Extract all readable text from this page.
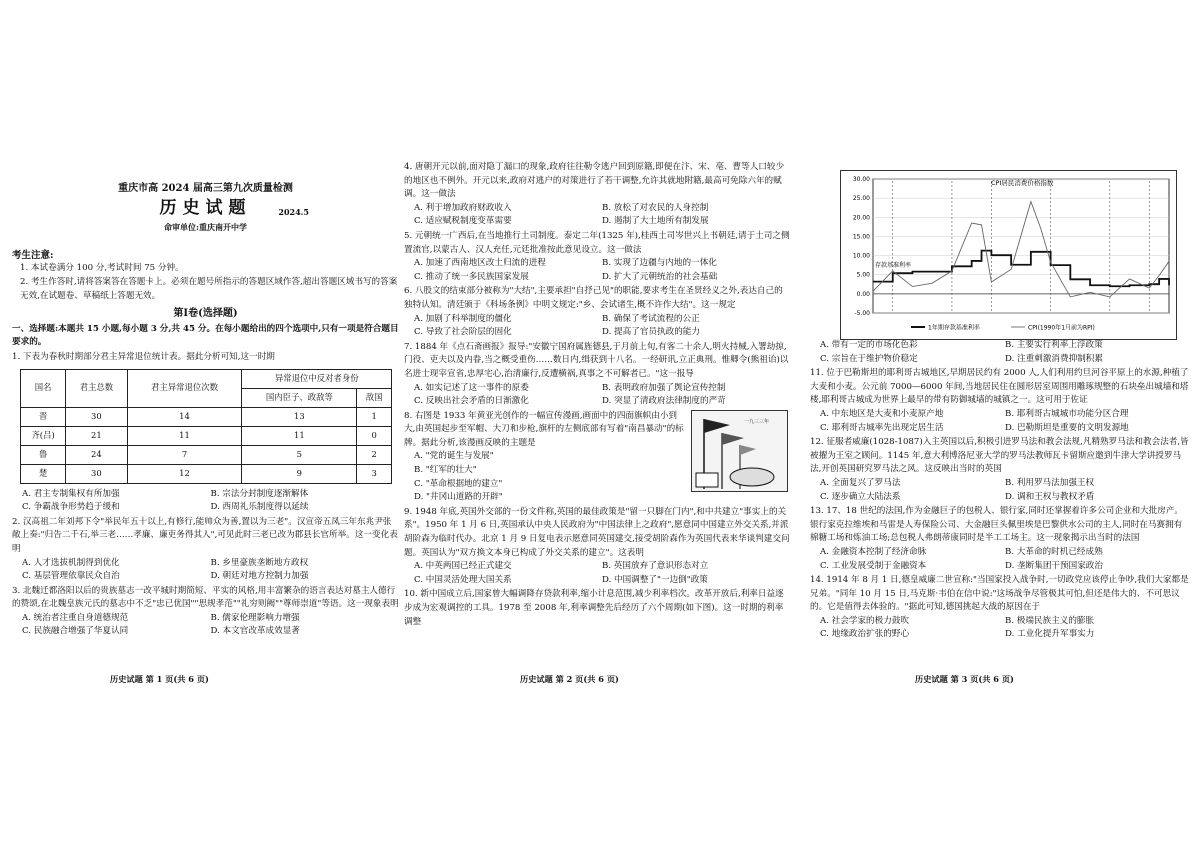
重庆市高 2024 届高三第九次质量检测
历史试题	2024.5
命审单位:重庆南开中学
考生注意:
1. 本试卷满分 100 分,考试时间 75 分钟。
2. 考生作答时,请将答案答在答题卡上。必须在题号所指示的答题区域作答,超出答题区域书写的答案无效,在试题卷、草稿纸上答题无效。
第Ⅰ卷(选择题)
一、选择题:本题共 15 小题,每小题 3 分,共 45 分。在每小题给出的四个选项中,只有一项是符合题目要求的。
1. 下表为春秋时期部分君主异常退位统计表。据此分析可知,这一时期
国名	君主总数	君主异常退位次数	异常退位中反对者身份	
			国内臣子、政敌等	敌国
晋	30	14	13	1
齐(吕)	21	11	11	0
鲁	24	7	5	2
楚	30	12	9	3
A. 君主专制集权有所加强	B. 宗法分封制度逐渐解体
C. 争霸战争形势趋于缓和	D. 西周礼乐制度得以延续
2. 汉高祖二年刘邦下令"举民年五十以上,有修行,能帅众为善,置以为三老"。汉宣帝五凤三年东兆尹张敞上奏:"归告二千石,举三老……孝廉、廉吏务得其人",可见此时三老已改为郡县长官所举。这一变化表明
A. 人才选拔机制得到优化	B. 乡里豪族垄断地方政权
C. 基层管理依靠民众自治	D. 朝廷对地方控制力加强
3. 北魏迁都洛阳以后的贵族墓志一改平城时期简短、平实的风格,用丰富繁杂的语言表达对墓主人德行的赞颂,在北魏皇族元氏的墓志中不乏"忠已优国""思规孝范""礼穷则阙""尊师崇道"等语。这一现象表明
A. 统治者注重自身道德规范	B. 儒家伦理影响力增强
C. 民族融合增强了华夏认同	D. 本文官改革成效显著
4. 唐朝开元以前,面对隐丁漏口的现象,政府往往勒令逃户回到原籍,即便在汴、宋、亳、曹等人口较少的地区也不例外。开元以来,政府对逃户的对策进行了若干调整,允许其就地附籍,最高可免除六年的赋调。这一做法
A. 利于增加政府财政收入	B. 放松了对农民的人身控制
C. 适应赋税制度变革需要	D. 遏制了大土地所有制发展
5. 元朝统一广西后,在当地推行土司制度。泰定二年(1325 年),桂西土司岑世兴上书朝廷,请于土司之侧置流官,以蒙古人、汉人充任,元廷批准按此意见设立。这一做法
A. 加速了西南地区改土归流的进程	B. 实现了边疆与内地的一体化
C. 推动了统一多民族国家发展	D. 扩大了元朝统治的社会基础
6. 八股文的结束部分被称为"大结",主要承担"自抒己见"的职能,要求考生在圣贤经义之外,表达自己的独特认知。清廷颁于《科场条例》中明文规定:"乡、会试诸生,概不许作大结"。这一规定
A. 加剧了科举制度的僵化	B. 确保了考试流程的公正
C. 导致了社会阶层的固化	D. 提高了官员执政的能力
7. 1884 年《点石斋画报》报导:"安徽宁国府属旌德县,于月前上旬,有客二十余人,明火持械,入署劫掠,门役、吏夫以及内眷,当之概受重伤……数日内,缉获到十八名。一经研讯,立正典刑。惟卿令(熊祖诒)以名进士现宰宣省,忠厚宅心,治清廉行,反遭横祸,真事之不可解者已。"这一报导
A. 如实记述了这一事件的原委	B. 表明政府加强了舆论宣传控制
C. 反映出社会矛盾的日渐激化	D. 突显了清政府法律制度的严苛
一九三三年
8. 右图是 1933 年黄亚光创作的一幅宣传漫画,画面中的四面旗帜由小到大,由英国起步至军帽、大刀和步枪,旗杆的左侧底部有写着"南昌暴动"的标牌。据此分析,该漫画反映的主题是
A. "党的诞生与发展"
B. "红军的壮大"
C. "革命根据地的建立"
D. "井冈山道路的开辟"
9. 1948 年底,英国外交部的一份文件称,英国的最佳政策是"留一只脚在门内",和中共建立"事实上的关系"。1950 年 1 月 6 日,英国承认中央人民政府为"中国法律上之政府",愿意同中国建立外交关系,并派胡阶森为临时代办。北京 1 月 9 日复电表示愿意同英国建交,接受胡阶森作为英国代表来华谈判建交问题。英国认为"双方换文本身已构成了外交关系的建立"。这表明
A. 中英两国已经正式建交	B. 英国放弃了意识形态对立
C. 中国灵活处理大国关系	D. 中国调整了"一边倒"政策
10. 新中国成立后,国家曾大幅调降存贷款利率,缩小计息范围,减少利率档次。改革开放后,利率日益逐步成为宏观调控的工具。1978 至 2008 年,利率调整先后经历了六个周期(如下图)。这一时期的利率调整
30.00
25.00
20.00
15.00
10.00
5.00
0.00
-5.00
CPI居民消费价格指数
存款基准利率
1年期存款基准利率	CPI(1990年1月前为RPI)
A. 带有一定的市场化色彩	B. 主要实行利率上浮政策
C. 宗旨在于维护物价稳定	D. 注重刺激消费抑制积累
11. 位于巴勒斯坦的耶利哥古城地区,早期居民约有 2000 人,人们利用约旦河谷平原上的水源,种植了大麦和小麦。公元前 7000—6000 年间,当地居民住在圆形居室周围用雕琢规整的石块垒出城墙和塔楼,耶利哥古城成为世界上最早的带有防御城墙的城镇之一。这可用于佐证
A. 中东地区是大麦和小麦原产地	B. 耶利哥古城城市功能分区合理
C. 耶利哥古城率先出现定居生活	D. 巴勒斯坦是重要的文明发源地
12. 征服者威廉(1028-1087)入主英国以后,积极引进罗马法和教会法规,凡精熟罗马法和教会法者,皆被擢为王室之顾问。1145 年,意大利博洛尼亚大学的罗马法教师瓦卡留斯应邀到牛津大学讲授罗马法,开创英国研究罗马法之风。这反映出当时的英国
A. 全面复兴了罗马法	B. 利用罗马法加强王权
C. 逐步确立大陆法系	D. 调和王权与教权矛盾
13. 17、18 世纪的法国,作为金融巨子的包税人、银行家,同时还掌握着许多公司企业和大批房产。银行家克拉维埃和马雷是人寿保险公司、大金融巨头佩里埃是巴黎供水公司的主人,同时在马赛拥有棉糖工场和炼油工场;总包税人弗朗蒂康同时是半工工场主。这一现象揭示出当时的法国
A. 金融资本控制了经济命脉	B. 大革命的时机已经成熟
C. 工业发展受制于金融资本	D. 垄断集团干预国家政治
14. 1914 年 8 月 1 日,德皇威廉二世宣称:"当国家投入战争时,一切政党应该停止争吵,我们大家都是兄弟。"同年 10 月 15 日,马克斯·韦伯在信中说:"这场战争尽管极其可怕,但还是伟大的、不可思议的。它是值得去体验的。"据此可知,德国挑起大战的原因在于
A. 社会学家的极力鼓吹	B. 极端民族主义的膨胀
C. 地缘政治扩张的野心	D. 工业化提升军事实力
历史试题 第 1 页(共 6 页)	历史试题 第 2 页(共 6 页)	历史试题 第 3 页(共 6 页)
